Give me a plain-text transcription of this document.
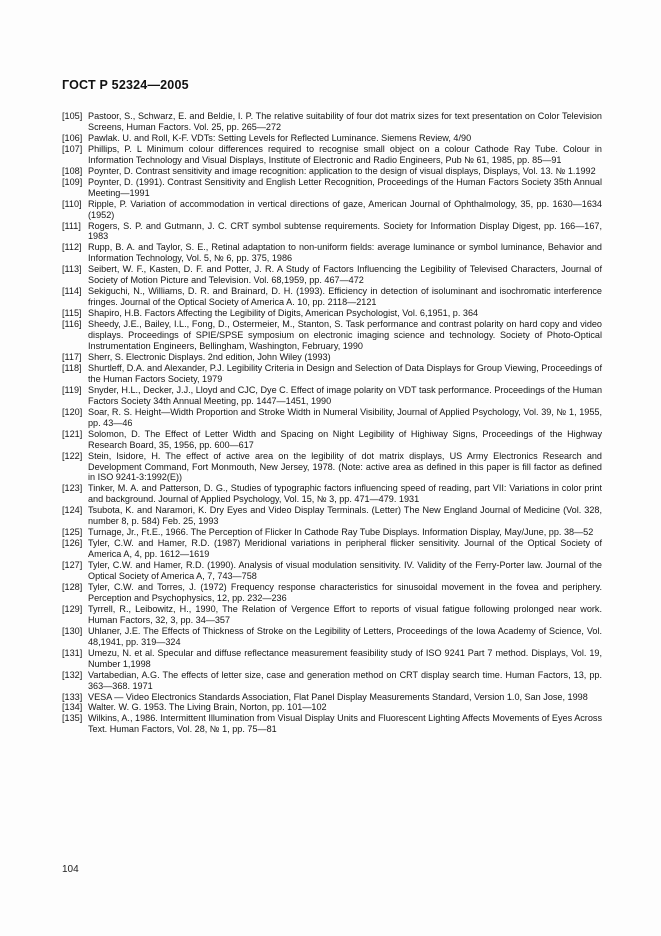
ГОСТ Р 52324—2005
[105] Pastoor, S., Schwarz, E. and Beldie, I. P. The relative suitability of four dot matrix sizes for text presentation on Color Television Screens, Human Factors. Vol. 25, pp. 265—272
[106] Pawlak. U. and Roll, K-F. VDTs: Setting Levels for Reflected Luminance. Siemens Review, 4/90
[107] Phillips, P. L Minimum colour differences required to recognise small object on a colour Cathode Ray Tube. Colour in Information Technology and Visual Displays, Institute of Electronic and Radio Engineers, Pub № 61, 1985, pp. 85—91
[108] Poynter, D. Contrast sensitivity and image recognition: application to the design of visual displays, Displays, Vol. 13. № 1.1992
[109] Poynter, D. (1991). Contrast Sensitivity and English Letter Recognition, Proceedings of the Human Factors Society 35th Annual Meeting—1991
[110] Ripple, P. Variation of accommodation in vertical directions of gaze, American Journal of Ophthalmology, 35, pp. 1630—1634 (1952)
[111] Rogers, S. P. and Gutmann, J. C. CRT symbol subtense requirements. Society for Information Display Digest, pp. 166—167, 1983
[112] Rupp, B. A. and Taylor, S. E., Retinal adaptation to non-uniform fields: average luminance or symbol luminance, Behavior and Information Technology, Vol. 5, № 6, pp. 375, 1986
[113] Seibert, W. F., Kasten, D. F. and Potter, J. R. A Study of Factors Influencing the Legibility of Televised Characters, Journal of Society of Motion Picture and Television. Vol. 68,1959, pp. 467—472
[114] Sekiguchi, N., Williams, D. R. and Brainard, D. H. (1993). Efficiency in detection of isoluminant and isochromatic interference fringes. Journal of the Optical Society of America A. 10, pp. 2118—2121
[115] Shapiro, H.B. Factors Affecting the Legibility of Digits, American Psychologist, Vol. 6,1951, p. 364
[116] Sheedy, J.E., Bailey, I.L., Fong, D., Ostermeier, M., Stanton, S. Task performance and contrast polarity on hard copy and video displays. Proceedings of SPIE/SPSE symposium on electronic imaging science and technology. Society of Photo-Optical Instrumentation Engineers, Bellingham, Washington, February, 1990
[117] Sherr, S. Electronic Displays. 2nd edition, John Wiley (1993)
[118] Shurtleff, D.A. and Alexander, P.J. Legibility Criteria in Design and Selection of Data Displays for Group Viewing, Proceedings of the Human Factors Society, 1979
[119] Snyder, H.L., Decker, J.J., Lloyd and CJC, Dye C. Effect of image polarity on VDT task performance. Proceedings of the Human Factors Society 34th Annual Meeting, pp. 1447—1451, 1990
[120] Soar, R. S. Height—Width Proportion and Stroke Width in Numeral Visibility, Journal of Applied Psychology, Vol. 39, № 1, 1955, pp. 43—46
[121] Solomon, D. The Effect of Letter Width and Spacing on Night Legibility of Highiway Signs, Proceedings of the Highway Research Board, 35, 1956, pp. 600—617
[122] Stein, Isidore, H. The effect of active area on the legibility of dot matrix displays, US Army Electronics Research and Development Command, Fort Monmouth, New Jersey, 1978. (Note: active area as defined in this paper is fill factor as defined in ISO 9241-3:1992(E))
[123] Tinker, M. A. and Patterson, D. G., Studies of typographic factors influencing speed of reading, part VII: Variations in color print and background. Journal of Applied Psychology, Vol. 15, № 3, pp. 471—479. 1931
[124] Tsubota, K. and Naramori, K. Dry Eyes and Video Display Terminals. (Letter) The New England Journal of Medicine (Vol. 328, number 8, p. 584) Feb. 25, 1993
[125] Turnage, Jr., Ft.E., 1966. The Perception of Flicker In Cathode Ray Tube Displays. Information Display, May/June, pp. 38—52
[126] Tyler, C.W. and Hamer, R.D. (1987) Meridional variations in peripheral flicker sensitivity. Journal of the Optical Society of America A, 4, pp. 1612—1619
[127] Tyler, C.W. and Hamer, R.D. (1990). Analysis of visual modulation sensitivity. IV. Validity of the Ferry-Porter law. Journal of the Optical Society of America A, 7, 743—758
[128] Tyler, C.W. and Torres, J. (1972) Frequency response characteristics for sinusoidal movement in the fovea and periphery. Perception and Psychophysics, 12, pp. 232—236
[129] Tyrrell, R., Leibowitz, H., 1990, The Relation of Vergence Effort to reports of visual fatigue following prolonged near work. Human Factors, 32, 3, pp. 34—357
[130] Uhlaner, J.E. The Effects of Thickness of Stroke on the Legibility of Letters, Proceedings of the Iowa Academy of Science, Vol. 48,1941, pp. 319—324
[131] Umezu, N. et al. Specular and diffuse reflectance measurement feasibility study of ISO 9241 Part 7 method. Displays, Vol. 19, Number 1,1998
[132] Vartabedian, A.G. The effects of letter size, case and generation method on CRT display search time. Human Factors, 13, pp. 363—368. 1971
[133] VESA — Video Electronics Standards Association, Flat Panel Display Measurements Standard, Version 1.0, San Jose, 1998
[134] Walter. W. G. 1953. The Living Brain, Norton, pp. 101—102
[135] Wilkins, A., 1986. Intermittent Illumination from Visual Display Units and Fluorescent Lighting Affects Movements of Eyes Across Text. Human Factors, Vol. 28, № 1, pp. 75—81
104
